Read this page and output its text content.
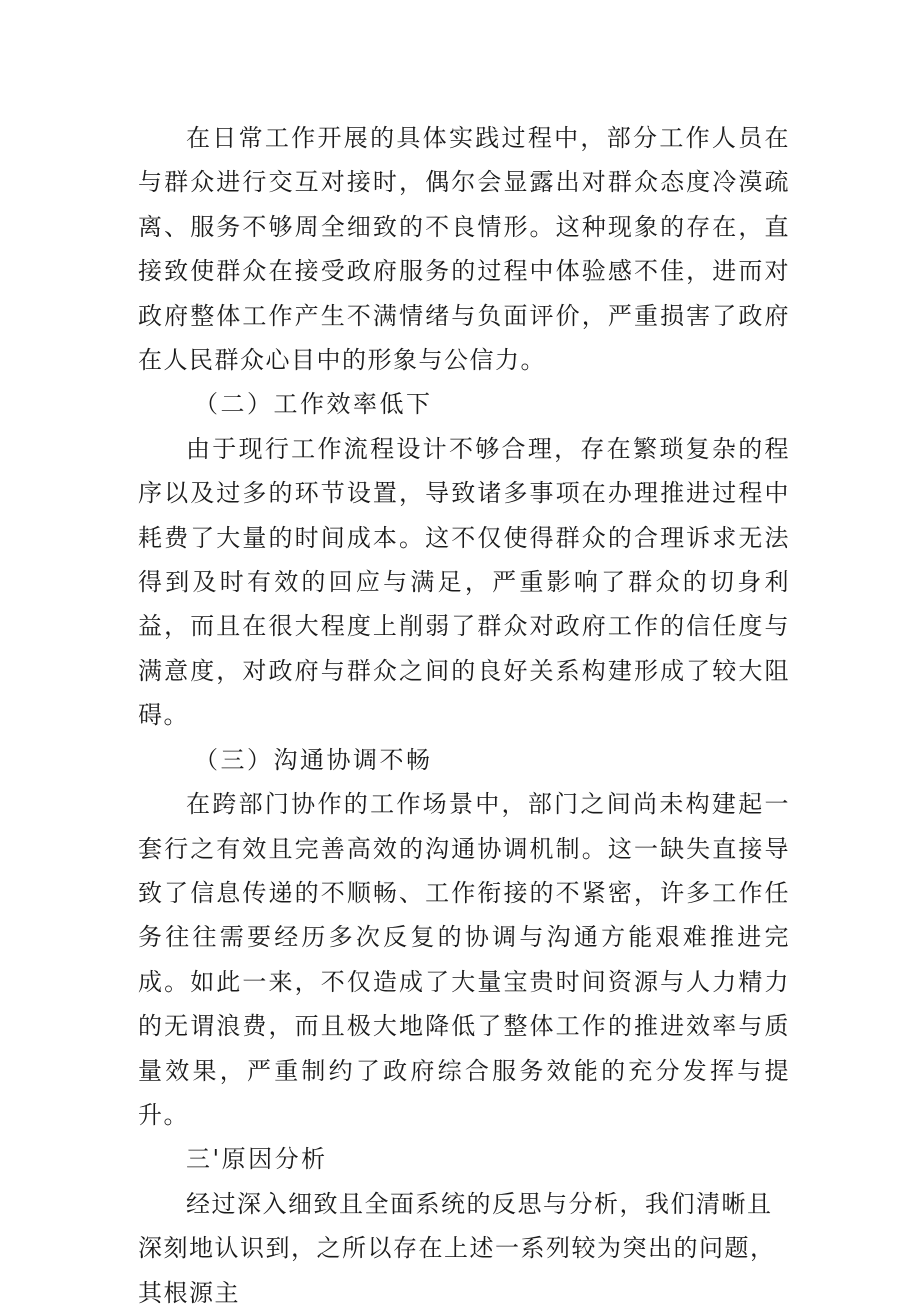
在日常工作开展的具体实践过程中，部分工作人员在与群众进行交互对接时，偶尔会显露出对群众态度冷漠疏离、服务不够周全细致的不良情形。这种现象的存在，直接致使群众在接受政府服务的过程中体验感不佳，进而对政府整体工作产生不满情绪与负面评价，严重损害了政府在人民群众心目中的形象与公信力。

（二）工作效率低下

由于现行工作流程设计不够合理，存在繁琐复杂的程序以及过多的环节设置，导致诸多事项在办理推进过程中耗费了大量的时间成本。这不仅使得群众的合理诉求无法得到及时有效的回应与满足，严重影响了群众的切身利益，而且在很大程度上削弱了群众对政府工作的信任度与满意度，对政府与群众之间的良好关系构建形成了较大阻碍。

（三）沟通协调不畅

在跨部门协作的工作场景中，部门之间尚未构建起一套行之有效且完善高效的沟通协调机制。这一缺失直接导致了信息传递的不顺畅、工作衔接的不紧密，许多工作任务往往需要经历多次反复的协调与沟通方能艰难推进完成。如此一来，不仅造成了大量宝贵时间资源与人力精力的无谓浪费，而且极大地降低了整体工作的推进效率与质量效果，严重制约了政府综合服务效能的充分发挥与提升。

三'原因分析

经过深入细致且全面系统的反思与分析，我们清晰且深刻地认识到，之所以存在上述一系列较为突出的问题，其根源主
